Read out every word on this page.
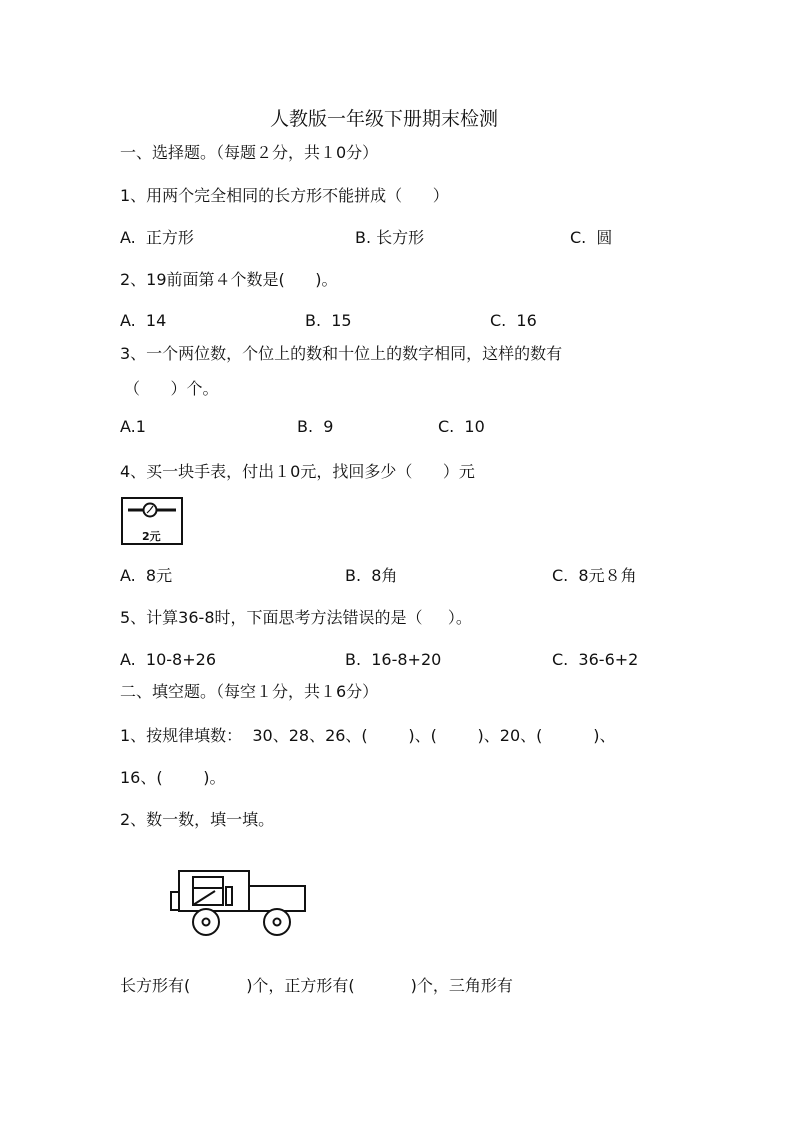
人教版一年级下册期末检测
一、选择题。（每题２分，共１0分）
1、用两个完全相同的长方形不能拼成（      ）
A.  正方形	B. 长方形	C.  圆
2、19前面第４个数是(      )。
A.  14	B.  15	C.  16
3、一个两位数，个位上的数和十位上的数字相同，这样的数有
（      ）个。
A.1	B.  9	C.  10
4、买一块手表，付出１0元，找回多少（      ）元
2元
A.  8元	B.  8角	C.  8元８角
5、计算36-8时，下面思考方法错误的是（     ）。
A.  10-8+26	B.  16-8+20	C.  36-6+2
二、填空题。（每空１分，共１6分）
1、按规律填数：  30、28、26、(        )、(        )、20、(          )、
16、(        )。
2、数一数，填一填。
长方形有(           )个，正方形有(           )个，三角形有
